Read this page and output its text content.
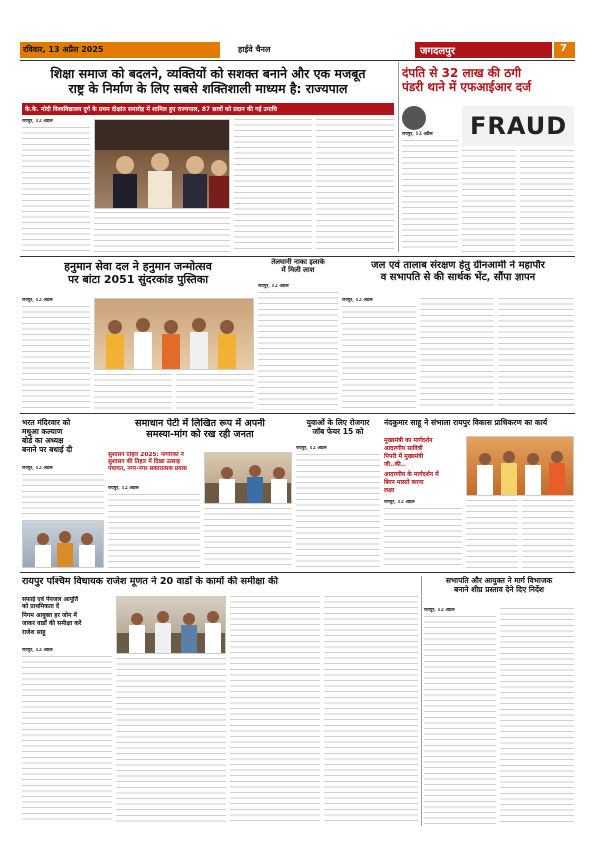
रविवार, 13 अप्रैल 2025	हाईवे चैनल	जगदलपुर	7
शिक्षा समाज को बदलने, व्यक्तियों को सशक्त बनाने और एक मजबूत
राष्ट्र के निर्माण के लिए सबसे शक्तिशाली माध्यम है: राज्यपाल
के.के. मोदी विश्वविद्यालय दुर्ग के प्रथम दीक्षांत समारोह में शामिल हुए राज्यपाल, 87 छात्रों को प्रदान की गई उपाधि
रायपुर, 12 अप्रैल
दंपति से 32 लाख की ठगी
पंडरी थाने में एफआईआर दर्ज
रायपुर, 12 अप्रैल	FRAUD
हनुमान सेवा दल ने हनुमान जन्मोत्सव
पर बांटा 2051 सुंदरकांड पुस्तिका
रायपुर, 12 अप्रैल
तेलघानी नाका इलाके
में मिली लाश
रायपुर, 12 अप्रैल
जल एवं तालाब संरक्षण हेतु ग्रीनआर्मी ने महापौर
व सभापति से की सार्थक भेंट, सौंपा ज्ञापन
रायपुर, 12 अप्रैल
भरत मंदिरवार को
मधुआ कल्याण
बोर्ड का अध्यक्ष
बनाने पर बधाई दी
रायपुर, 12 अप्रैल
समाधान पेटी में लिखित रूप में अपनी
समस्या-मांग को रख रही जनता
सुशासन तिहार 2025: नागरिकों ने
सुशासन की तिहार में दिखा उत्साह
पंचायत, नगर-नगर सकारात्मक प्रयास
रायपुर, 12 अप्रैल
युवाओं के लिए रोजगार
जॉब फेयर 15 को
रायपुर, 12 अप्रैल
नंदकुमार साहू ने संभाला रायपुर विकास प्राधिकरण का कार्य
मुख्यमंत्री का मार्गदर्शन
आदरणीय सावित्री
पिपरी में मुख्यमंत्री
जी..की..
आदरणीय के मार्गदर्शन में
बिरन मासते करना
लक्ष्य
रायपुर, 12 अप्रैल
रायपुर पश्चिम विधायक राजेश मूणत ने 20 वार्डों के कामों की समीक्षा की
सफाई एवं पेयजल आपूर्ति
को प्राथमिकता दें
निगम आयुक्त हर जोन में
जाकर वार्डों की समीक्षा करें
राजेश साहू
रायपुर, 12 अप्रैल
सभापति और आयुक्त ने मार्ग विभाजक
बनाने शीघ्र प्रस्ताव देने दिए निर्देश
रायपुर, 12 अप्रैल
